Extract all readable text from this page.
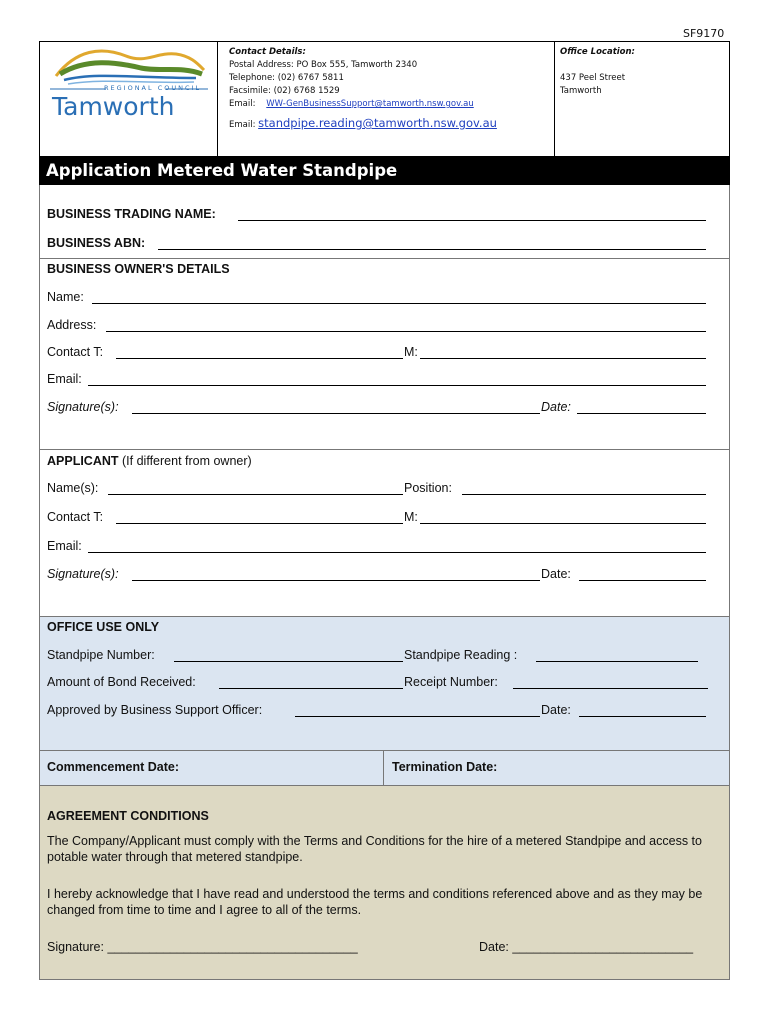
SF9170
REGIONAL COUNCIL
Tamworth
Contact Details:
Postal Address: PO Box 555, Tamworth 2340
Telephone: (02) 6767 5811
Facsimile: (02) 6768 1529
Email: WW-GenBusinessSupport@tamworth.nsw.gov.au
Email: standpipe.reading@tamworth.nsw.gov.au
Office Location:
437 Peel Street
Tamworth
Application Metered Water Standpipe
BUSINESS TRADING NAME:
BUSINESS ABN:
BUSINESS OWNER'S DETAILS
Name:
Address:
Contact T:	M:
Email:
Signature(s):	Date:
APPLICANT (If different from owner)
Name(s):	Position:
Contact T:	M:
Email:
Signature(s):	Date:
OFFICE USE ONLY
Standpipe Number:	Standpipe Reading :
Amount of Bond Received:	Receipt Number:
Approved by Business Support Officer:	Date:
Commencement Date:	Termination Date:
AGREEMENT CONDITIONS
The Company/Applicant must comply with the Terms and Conditions for the hire of a metered Standpipe and access to potable water through that metered standpipe.
I hereby acknowledge that I have read and understood the terms and conditions referenced above and as they may be changed from time to time and I agree to all of the terms.
Signature: ____________________________________	Date: __________________________
